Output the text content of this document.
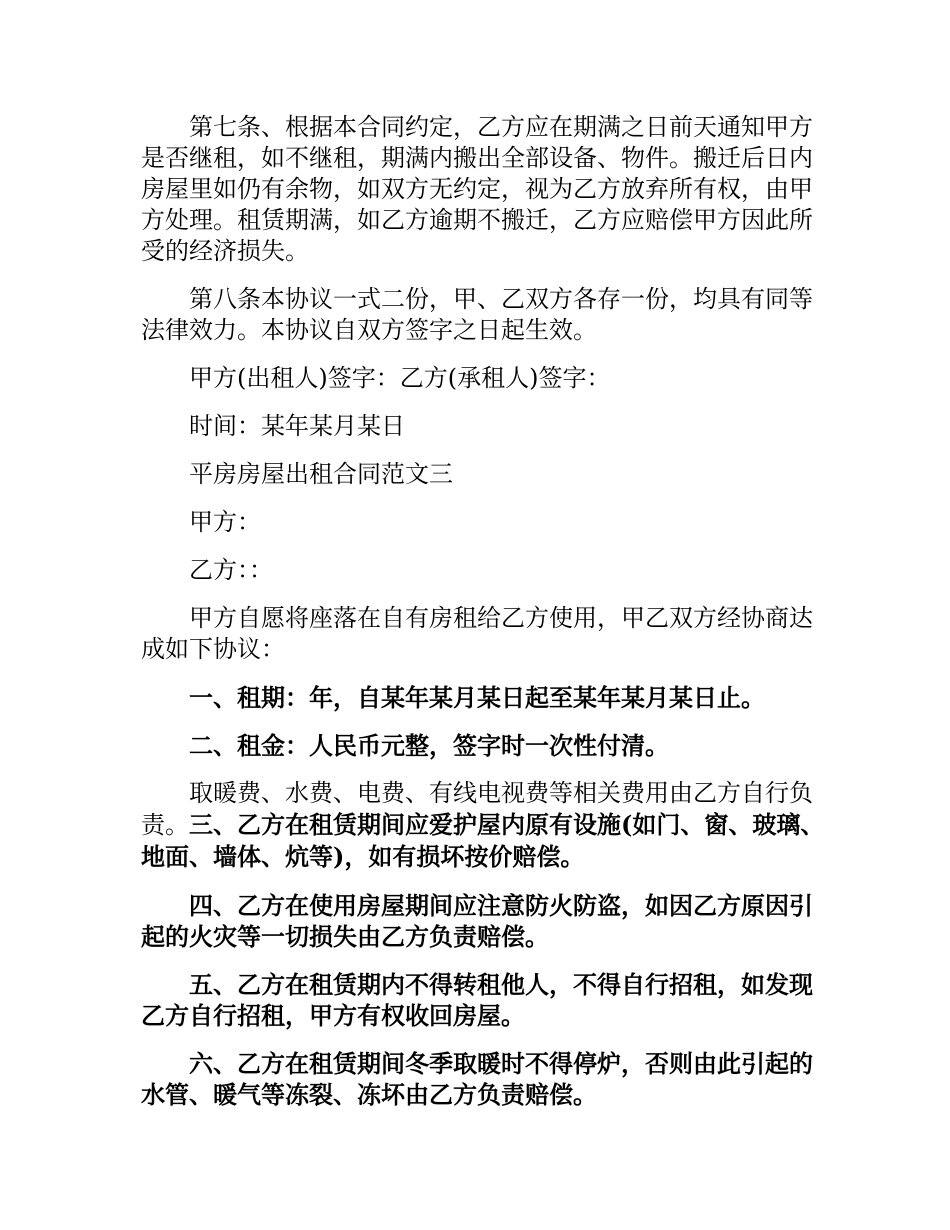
第七条、根据本合同约定，乙方应在期满之日前天通知甲方是否继租，如不继租，期满内搬出全部设备、物件。搬迁后日内房屋里如仍有余物，如双方无约定，视为乙方放弃所有权，由甲方处理。租赁期满，如乙方逾期不搬迁，乙方应赔偿甲方因此所受的经济损失。

第八条本协议一式二份，甲、乙双方各存一份，均具有同等法律效力。本协议自双方签字之日起生效。

甲方(出租人)签字：乙方(承租人)签字：

时间：某年某月某日

平房房屋出租合同范文三

甲方：

乙方：：

甲方自愿将座落在自有房租给乙方使用，甲乙双方经协商达成如下协议：

一、租期：年，自某年某月某日起至某年某月某日止。

二、租金：人民币元整，签字时一次性付清。

取暖费、水费、电费、有线电视费等相关费用由乙方自行负责。三、乙方在租赁期间应爱护屋内原有设施(如门、窗、玻璃、地面、墙体、炕等)，如有损坏按价赔偿。

四、乙方在使用房屋期间应注意防火防盗，如因乙方原因引起的火灾等一切损失由乙方负责赔偿。

五、乙方在租赁期内不得转租他人，不得自行招租，如发现乙方自行招租，甲方有权收回房屋。

六、乙方在租赁期间冬季取暖时不得停炉，否则由此引起的水管、暖气等冻裂、冻坏由乙方负责赔偿。
